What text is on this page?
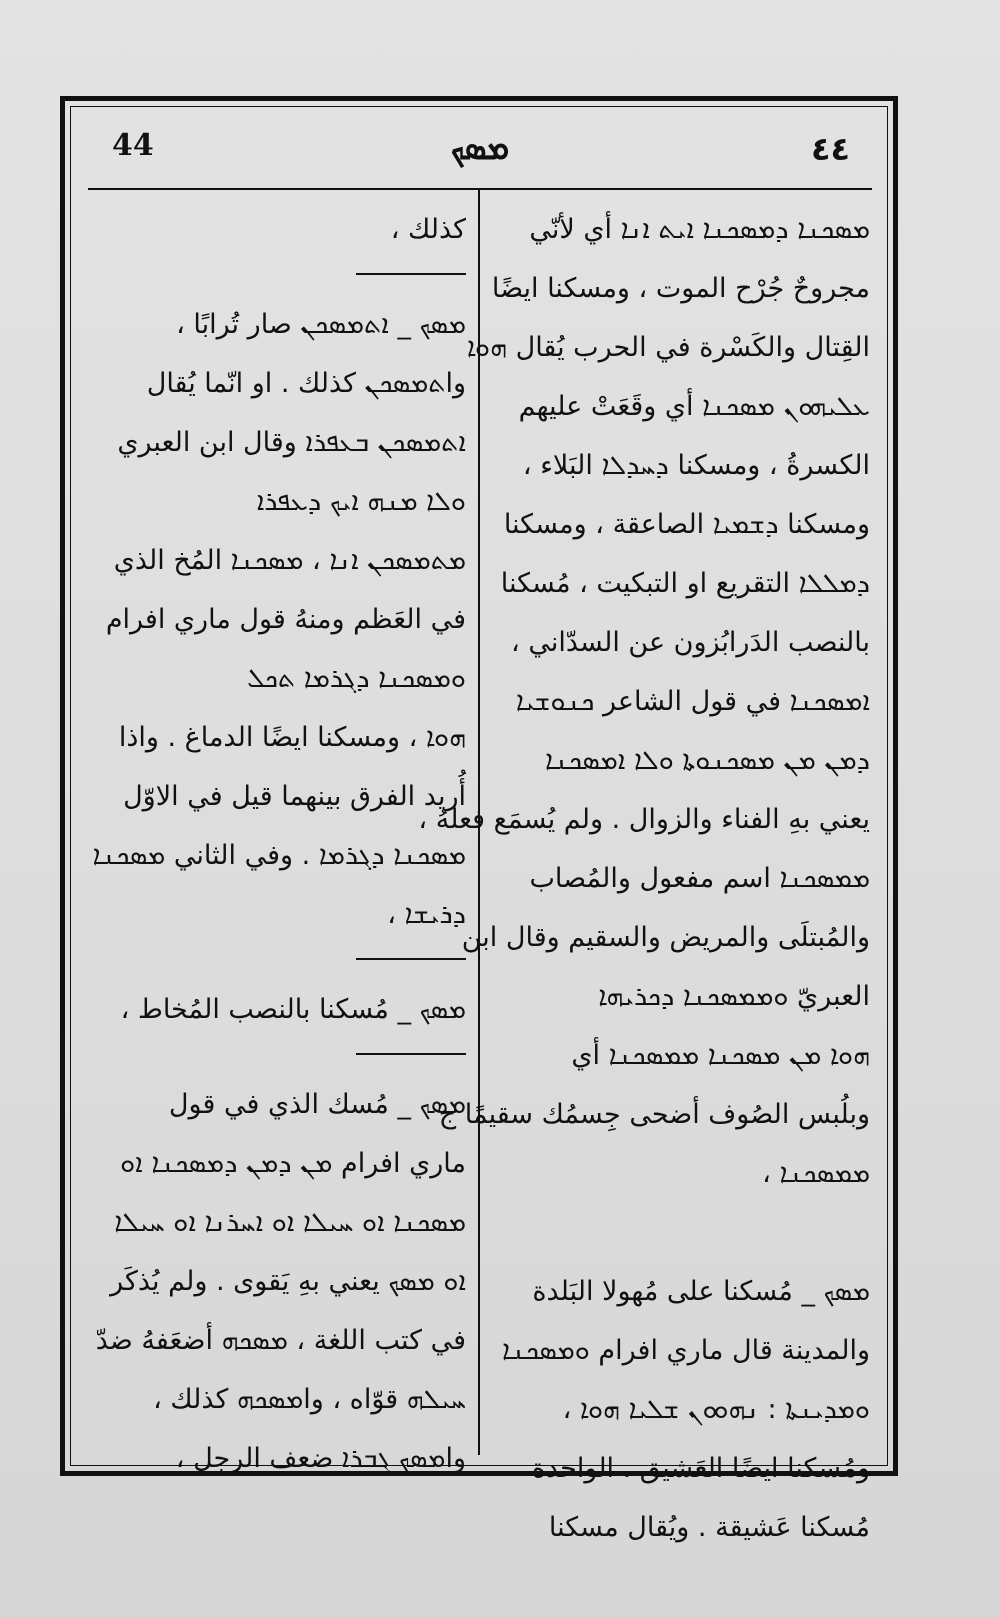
44	ܡܣܟ	٤٤
ܡܣܟܢܐ ܕܡܣܟܢܐ ܐܝܬ ܐܢܐ أي لأنّي
مجروحٌ جُرْح الموت ، ومسكنا ايضًا
القِتال والكَسْرة في الحرب يُقال ܗܘܐ
ܥܠܝܗܘܢ ܡܣܟܢܐ أي وقَعَتْ عليهم
الكسرةُ ، ومسكنا ܕܚܕܠܐ البَلاء ،
ومسكنا ܕܫܡܝܐ الصاعقة ، ومسكنا
ܕܡܠܠܐ التقريع او التبكيت ، مُسكنا
بالنصب الدَرابُزون عن السدّاني ،
ܐܡܣܟܢܐ في قول الشاعر ܟܢܘܫܝܐ
ܕܡܢ ܡܢ ܡܣܟܢܘܬܐ ܘܠܐ ܐܡܣܟܢܐ
يعني بهِ الفناء والزوال . ولم يُسمَع فعلهُ ،
ܡܡܣܟܢܐ اسم مفعول والمُصاب
والمُبتلَى والمريض والسقيم وقال ابن
العبريّ ܘܡܡܣܟܢܐ ܕܟܪܝܗܐ
ܗܘܐ ܡܢ ܡܣܟܢܐ ܡܡܣܟܢܐ أي
وبلُبس الصُوف أضحى جِسمُك سقيمًا ج
ܡܡܣܟܢܐ ،
ܡܣܟ _ مُسكنا على مُهولا البَلدة
والمدينة قال ماري افرام ܘܡܣܟܢܐ
ܘܡܕܝܢܬܐ : ܢܗܘܘܢ ܫܠܝܐ ܗܘܐ ،
ومُسكنا ايضًا العَشيق . الواحدة
مُسكنا عَشيقة . ويُقال مسكنا
كذلك ،
ܡܣܟ _ ܐܬܡܣܟܢ صار تُرابًا ،
واܬܡܣܟܢ كذلك . او انّما يُقال
ܐܬܡܣܟܢ ܒܥܦܪܐ وقال ابن العبري
ܘܠܐ ܡܢܗ ܐܝܟ ܕܥܦܪܐ
ܡܬܡܣܟܢ ܐܢܐ ، ܡܣܟܢܐ المُخ الذي
في العَظم ومنهُ قول ماري افرام
ܘܡܣܟܢܐ ܕܓܪܡܐ ܬܟܠ
ܗܘܐ ، ومسكنا ايضًا الدماغ . واذا
أُريد الفرق بينهما قيل في الاوّل
ܡܣܟܢܐ ܕܓܪܡܐ . وفي الثاني ܡܣܟܢܐ
ܕܪܝܫܐ ،
ܡܣܟ _ مُسكنا بالنصب المُخاط ،
ܡܣܟ _ مُسك الذي في قول
ماري افرام ܡܢ ܕܡܢ ܕܡܣܟܢܐ ܐܘ
ܡܣܟܢܐ ܐܘ ܚܝܠܐ ܐܘ ܐܚܪܢܐ ܐܘ ܚܝܠܐ
ܐܘ ܡܣܟ يعني بهِ يَقوى . ولم يُذكَر
في كتب اللغة ، ܡܣܟܗ أضعَفهُ ضدّ
ܚܝܠܗ قوّاه ، واܡܣܟܗ كذلك ،
واܡܣܟ ܓܒܪܐ ضعف الرجل ،
